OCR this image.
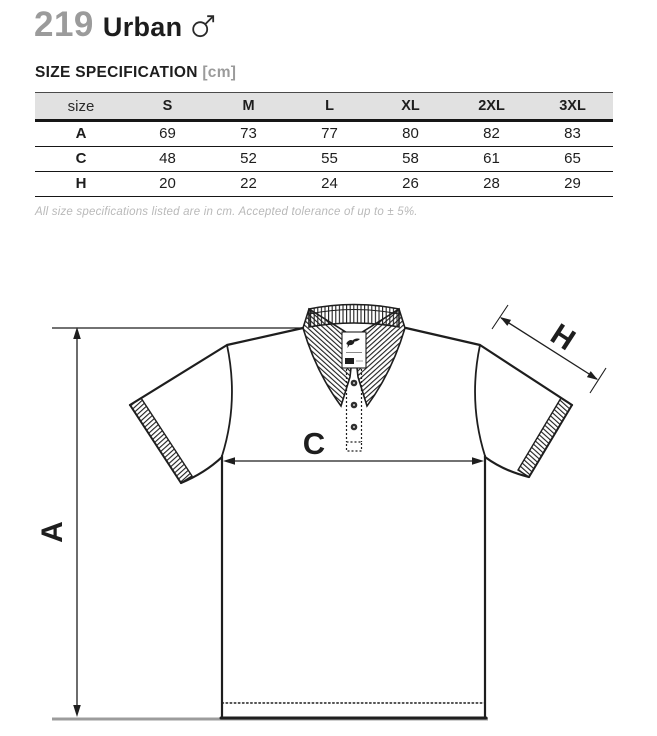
219 Urban
SIZE SPECIFICATION [cm]
size	S	M	L	XL	2XL	3XL
A	69	73	77	80	82	83
C	48	52	55	58	61	65
H	20	22	24	26	28	29
All size specifications listed are in cm. Accepted tolerance of up to ± 5%.
A
C
H
